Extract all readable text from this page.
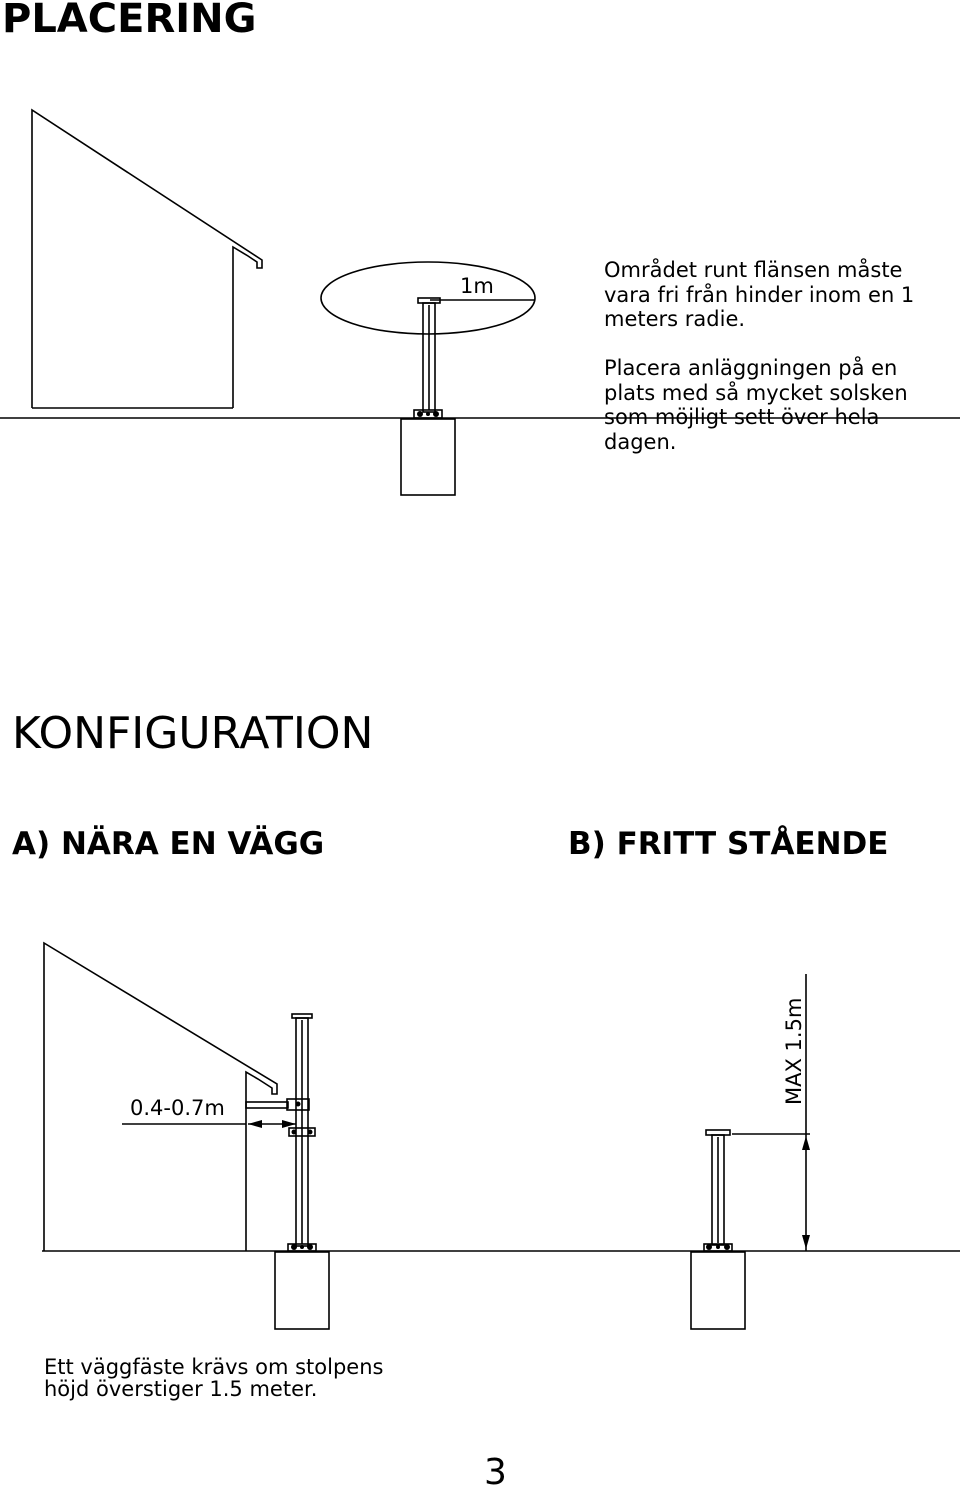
PLACERING
KONFIGURATION
A) NÄRA EN VÄGG	B) FRITT STÅENDE
Området runt flänsen måste
vara fri från hinder inom en 1
meters radie.
Placera anläggningen på en
plats med så mycket solsken
som möjligt sett över hela
dagen.
1m
0.4-0.7m
MAX 1.5m
Ett väggfäste krävs om stolpens
höjd överstiger 1.5 meter.
3
